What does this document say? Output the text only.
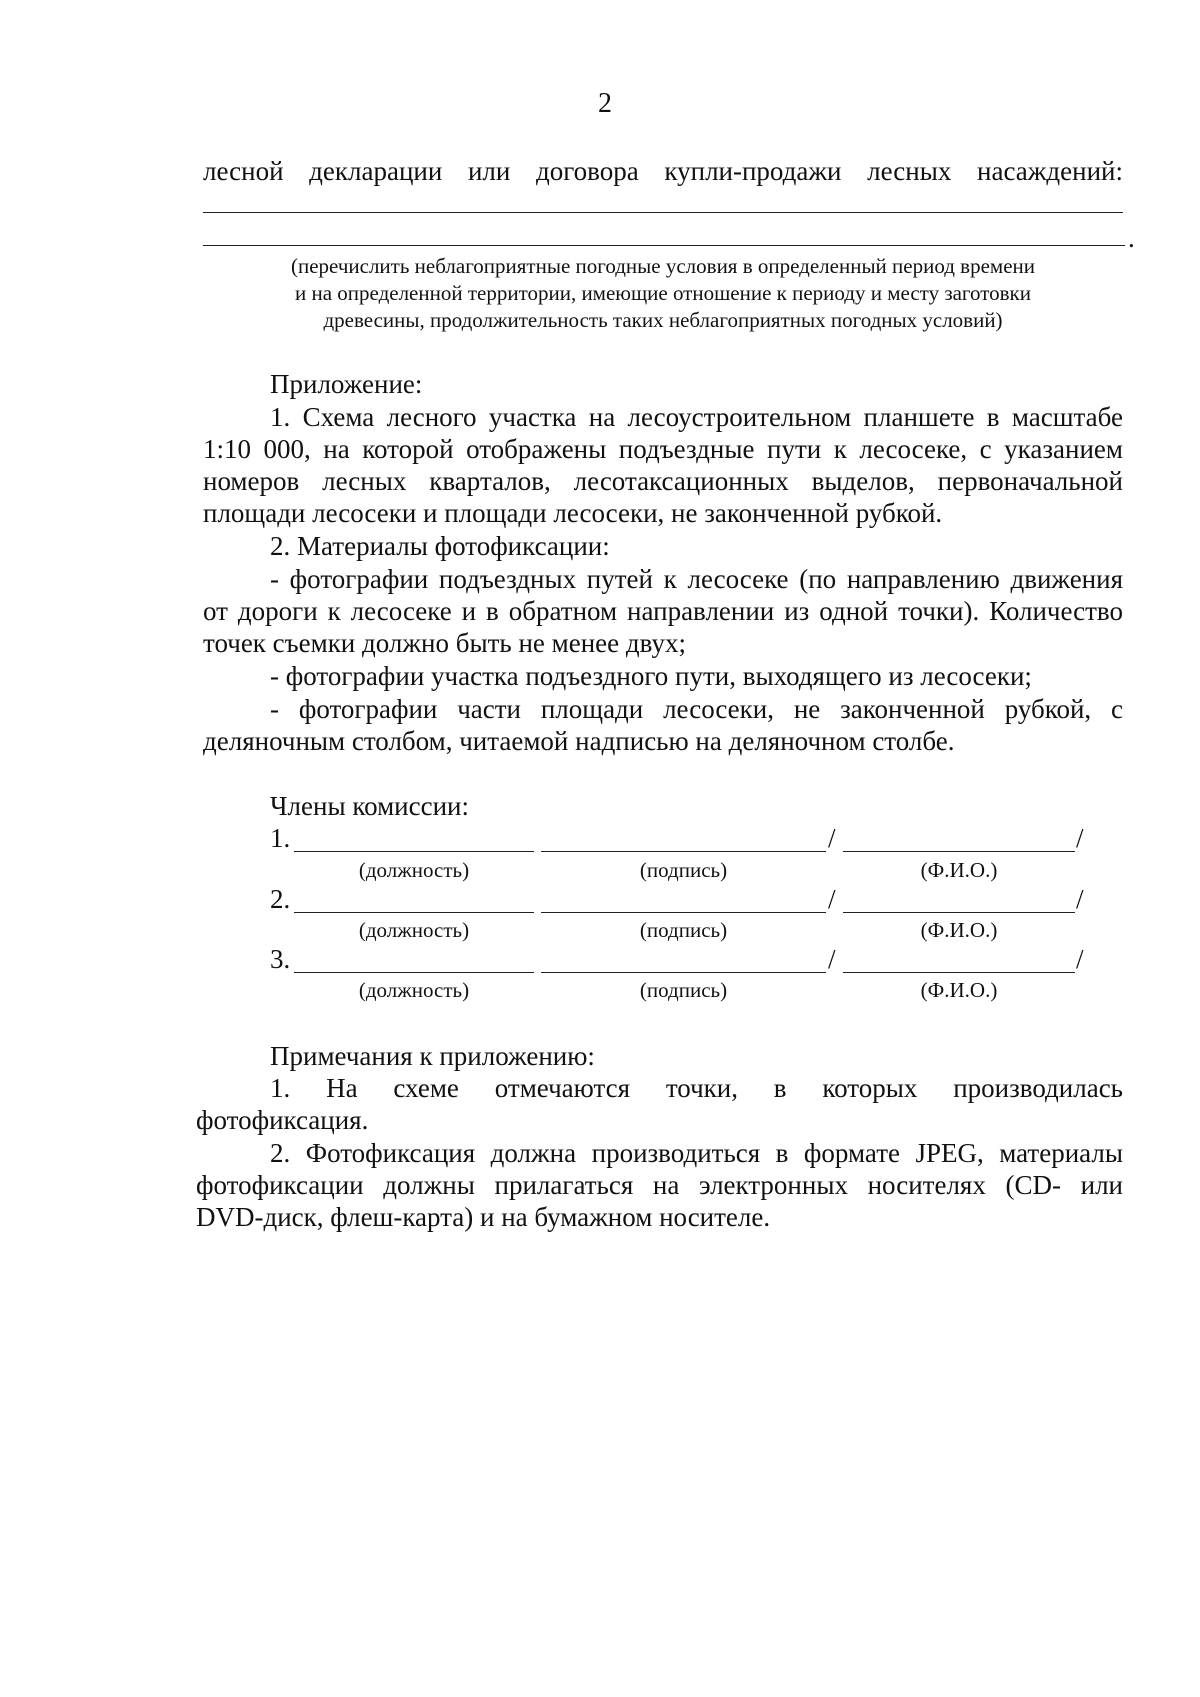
2
лесной декларации или договора купли-продажи лесных насаждений:
.
(перечислить неблагоприятные погодные условия в определенный период времени
и на определенной территории, имеющие отношение к периоду и месту заготовки
древесины, продолжительность таких неблагоприятных погодных условий)
Приложение:
1. Схема лесного участка на лесоустроительном планшете в масштабе
1:10 000, на которой отображены подъездные пути к лесосеке, с указанием
номеров лесных кварталов, лесотаксационных выделов, первоначальной
площади лесосеки и площади лесосеки, не законченной рубкой.
2. Материалы фотофиксации:
- фотографии подъездных путей к лесосеке (по направлению движения
от дороги к лесосеке и в обратном направлении из одной точки). Количество
точек съемки должно быть не менее двух;
- фотографии участка подъездного пути, выходящего из лесосеки;
- фотографии части площади лесосеки, не законченной рубкой, с
деляночным столбом, читаемой надписью на деляночном столбе.
Члены комиссии:
1.	/	/
(должность)	(подпись)	(Ф.И.О.)
2.	/	/
(должность)	(подпись)	(Ф.И.О.)
3.	/	/
(должность)	(подпись)	(Ф.И.О.)
Примечания к приложению:
1. На схеме отмечаются точки, в которых производилась
фотофиксация.
2. Фотофиксация должна производиться в формате JPEG, материалы
фотофиксации должны прилагаться на электронных носителях (CD- или
DVD-диск, флеш-карта) и на бумажном носителе.
